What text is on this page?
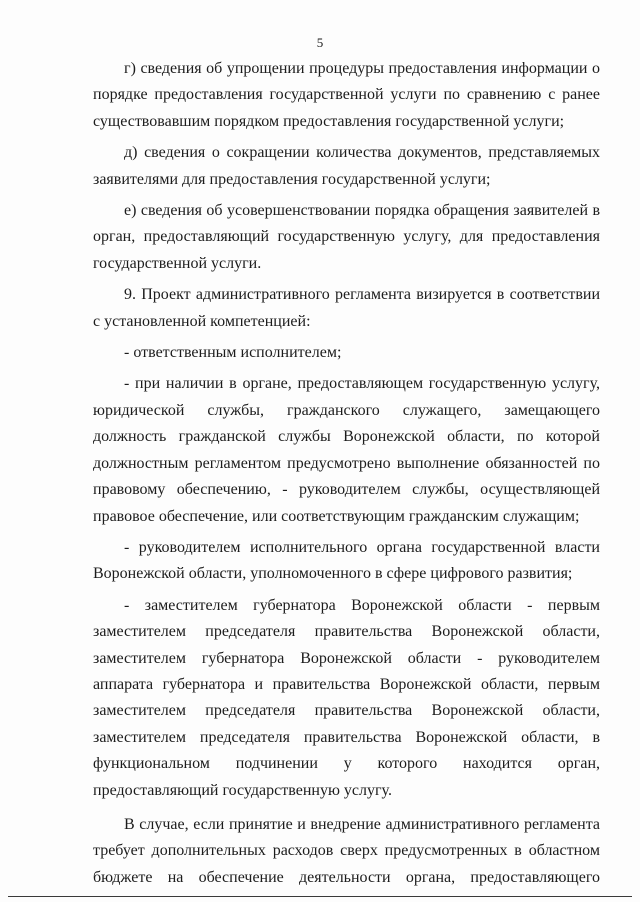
5

г) сведения об упрощении процедуры предоставления информации о порядке предоставления государственной услуги по сравнению с ранее существовавшим порядком предоставления государственной услуги;

д) сведения о сокращении количества документов, представляемых заявителями для предоставления государственной услуги;

е) сведения об усовершенствовании порядка обращения заявителей в орган, предоставляющий государственную услугу, для предоставления государственной услуги.

9. Проект административного регламента визируется в соответствии с установленной компетенцией:

- ответственным исполнителем;

- при наличии в органе, предоставляющем государственную услугу, юридической службы, гражданского служащего, замещающего должность гражданской службы Воронежской области, по которой должностным регламентом предусмотрено выполнение обязанностей по правовому обеспечению, - руководителем службы, осуществляющей правовое обеспечение, или соответствующим гражданским служащим;

- руководителем исполнительного органа государственной власти Воронежской области, уполномоченного в сфере цифрового развития;

- заместителем губернатора Воронежской области - первым заместителем председателя правительства Воронежской области, заместителем губернатора Воронежской области - руководителем аппарата губернатора и правительства Воронежской области, первым заместителем председателя правительства Воронежской области, заместителем председателя правительства Воронежской области, в функциональном подчинении у которого находится орган, предоставляющий государственную услугу.

В случае, если принятие и внедрение административного регламента требует дополнительных расходов сверх предусмотренных в областном бюджете на обеспечение деятельности органа, предоставляющего
